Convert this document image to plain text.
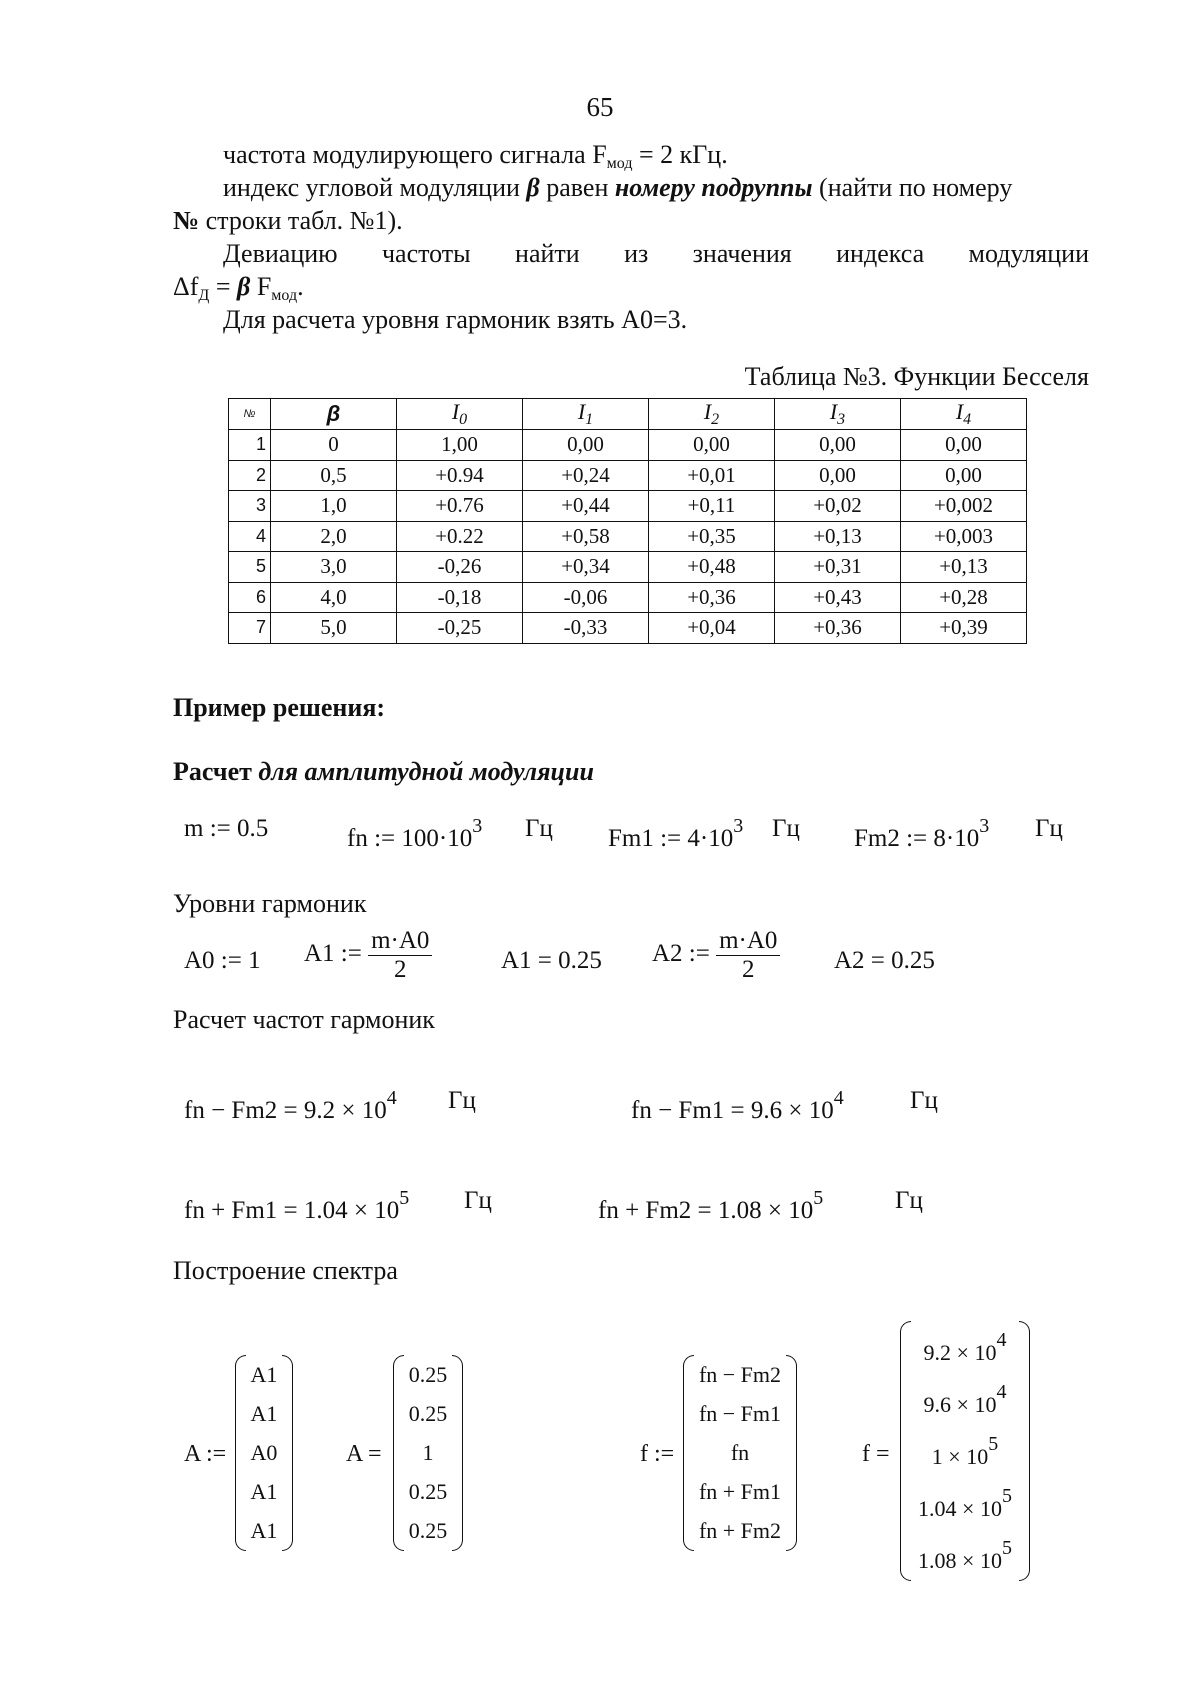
65
частота модулирующего сигнала $F_{мод} = 2$ кГц.
индекс угловой модуляции β равен номеру подруппы (найти по номеру
№ строки табл. №1).
Девиацию частоты найти из значения индекса модуляции
$\Delta f_Д = \beta$ $F_{мод}$.
Для расчета уровня гармоник взять А0=3.
Таблица №3. Функции Бесселя
№	β	$I_0$	$I_1$	$I_2$	$I_3$	$I_4$
1	0	1,00	0,00	0,00	0,00	0,00
2	0,5	+0.94	+0,24	+0,01	0,00	0,00
3	1,0	+0.76	+0,44	+0,11	+0,02	+0,002
4	2,0	+0.22	+0,58	+0,35	+0,13	+0,003
5	3,0	-0,26	+0,34	+0,48	+0,31	+0,13
6	4,0	-0,18	-0,06	+0,36	+0,43	+0,28
7	5,0	-0,25	-0,33	+0,04	+0,36	+0,39
Пример решения:
Расчет для амплитудной модуляции
m := 0.5	fn := $100\cdot 10^3$ Гц Fm1 := $4\cdot 10^3$ Гц Fm2 := $8\cdot 10^3$ Гц
Уровни гармоник
A0 := 1 A1 := $\frac{m\cdot A0}{2}$	A1 = 0.25 A2 := $\frac{m\cdot A0}{2} A2 = 0.25$
Расчет частот гармоник
fn − $Fm2 = 9.2 \times 10^4$ Гц	fn − $Fm1 = 9.6 \times 10^4$	Гц
fn + $Fm1 = 1.04 \times 10^5$ Гц	fn + $Fm2 = 1.08 \times 10^5$	Гц
Построение спектра
A :=
A1
A1
A0
A1
A1
A =
0.25
0.25
1
0.25
0.25
f :=
fn − Fm2
fn − Fm1
fn
fn + Fm1
fn + Fm2
f =
$9.2 \times 10^4$
$9.6 \times 10^4$
$1 \times 10^5$
$1.04 \times 10^5$
$1.08 \times 10^5$
